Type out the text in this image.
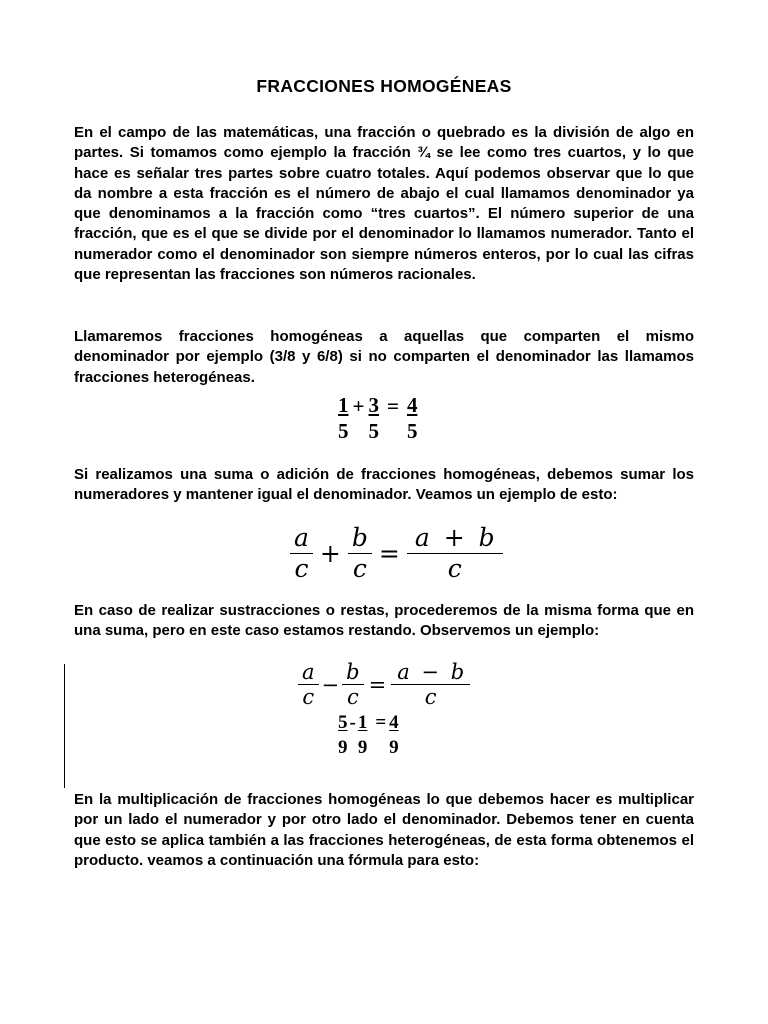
FRACCIONES HOMOGÉNEAS

En el campo de las matemáticas, una fracción o quebrado es la división de algo en partes. Si tomamos como ejemplo la fracción ¾ se lee como tres cuartos, y lo que hace es señalar tres partes sobre cuatro totales. Aquí podemos observar que lo que da nombre a esta fracción es el número de abajo el cual llamamos denominador ya que denominamos a la fracción como “tres cuartos”. El número superior de una fracción, que es el que se divide por el denominador lo llamamos numerador. Tanto el numerador como el denominador son siempre números enteros, por lo cual las cifras que representan las fracciones son números racionales.

Llamaremos fracciones homogéneas a aquellas que comparten el mismo denominador por ejemplo (3/8 y 6/8) si no comparten el denominador las llamamos fracciones heterogéneas.

$\frac{1}{5} + \frac{3}{5} = \frac{4}{5}$

Si realizamos una suma o adición de fracciones homogéneas, debemos sumar los numeradores y mantener igual el denominador. Veamos un ejemplo de esto:

$\frac{a}{c} + \frac{b}{c} = \frac{a + b}{c}$

En caso de realizar sustracciones o restas, procederemos de la misma forma que en una suma, pero en este caso estamos restando. Observemos un ejemplo:

$\frac{a}{c} - \frac{b}{c} = \frac{a - b}{c}$
$\frac{5}{9} - \frac{1}{9} = \frac{4}{9}$

En la multiplicación de fracciones homogéneas lo que debemos hacer es multiplicar por un lado el numerador y por otro lado el denominador. Debemos tener en cuenta que esto se aplica también a las fracciones heterogéneas, de esta forma obtenemos el producto. veamos a continuación una fórmula para esto:
